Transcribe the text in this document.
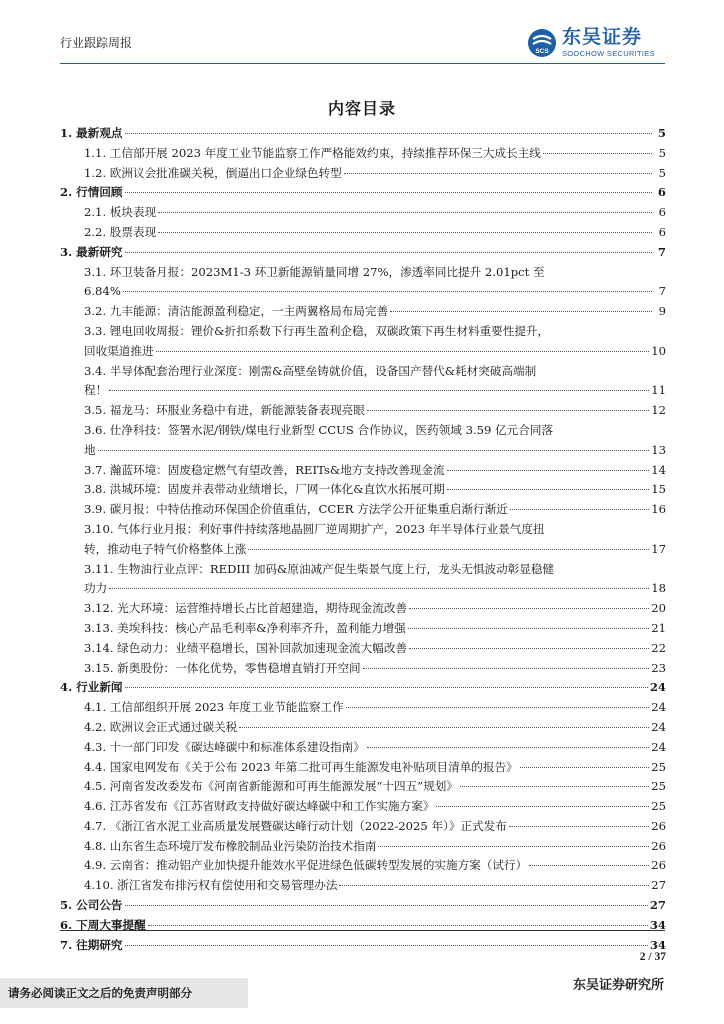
行业跟踪周报
SCS
东吴证券
SOOCHOW SECURITIES
内容目录
1. 最新观点	5
1.1. 工信部开展 2023 年度工业节能监察工作严格能效约束，持续推荐环保三大成长主线	5
1.2. 欧洲议会批准碳关税，倒逼出口企业绿色转型	5
2. 行情回顾	6
2.1. 板块表现	6
2.2. 股票表现	6
3. 最新研究	7
3.1. 环卫装备月报：2023M1-3 环卫新能源销量同增 27%，渗透率同比提升 2.01pct 至
6.84%	7
3.2. 九丰能源：清洁能源盈利稳定，一主两翼格局布局完善	9
3.3. 锂电回收周报：锂价&折扣系数下行再生盈利企稳，双碳政策下再生材料重要性提升，
回收渠道推进	10
3.4. 半导体配套治理行业深度：刚需&高壁垒铸就价值，设备国产替代&耗材突破高端制
程！	11
3.5. 福龙马：环服业务稳中有进，新能源装备表现亮眼	12
3.6. 仕净科技：签署水泥/钢铁/煤电行业新型 CCUS 合作协议，医药领域 3.59 亿元合同落
地	13
3.7. 瀚蓝环境：固废稳定燃气有望改善，REITs&地方支持改善现金流	14
3.8. 洪城环境：固废并表带动业绩增长，厂网一体化&直饮水拓展可期	15
3.9. 碳月报：中特估推动环保国企价值重估，CCER 方法学公开征集重启渐行渐近	16
3.10. 气体行业月报：利好事件持续落地晶圆厂逆周期扩产，2023 年半导体行业景气度扭
转，推动电子特气价格整体上涨	17
3.11. 生物油行业点评：REDIII 加码&原油减产促生柴景气度上行，龙头无惧波动彰显稳健
功力	18
3.12. 光大环境：运营维持增长占比首超建造，期待现金流改善	20
3.13. 美埃科技：核心产品毛利率&净利率齐升，盈利能力增强	21
3.14. 绿色动力：业绩平稳增长，国补回款加速现金流大幅改善	22
3.15. 新奥股份：一体化优势，零售稳增直销打开空间	23
4. 行业新闻	24
4.1. 工信部组织开展 2023 年度工业节能监察工作	24
4.2. 欧洲议会正式通过碳关税	24
4.3. 十一部门印发《碳达峰碳中和标准体系建设指南》	24
4.4. 国家电网发布《关于公布 2023 年第二批可再生能源发电补贴项目清单的报告》	25
4.5. 河南省发改委发布《河南省新能源和可再生能源发展“十四五”规划》	25
4.6. 江苏省发布《江苏省财政支持做好碳达峰碳中和工作实施方案》	25
4.7. 《浙江省水泥工业高质量发展暨碳达峰行动计划（2022-2025 年）》正式发布	26
4.8. 山东省生态环境厅发布橡胶制品业污染防治技术指南	26
4.9. 云南省：推动铝产业加快提升能效水平促进绿色低碳转型发展的实施方案（试行）	26
4.10. 浙江省发布排污权有偿使用和交易管理办法	27
5. 公司公告	27
6. 下周大事提醒	34
7. 往期研究	34
2 / 37
请务必阅读正文之后的免责声明部分	东吴证券研究所
